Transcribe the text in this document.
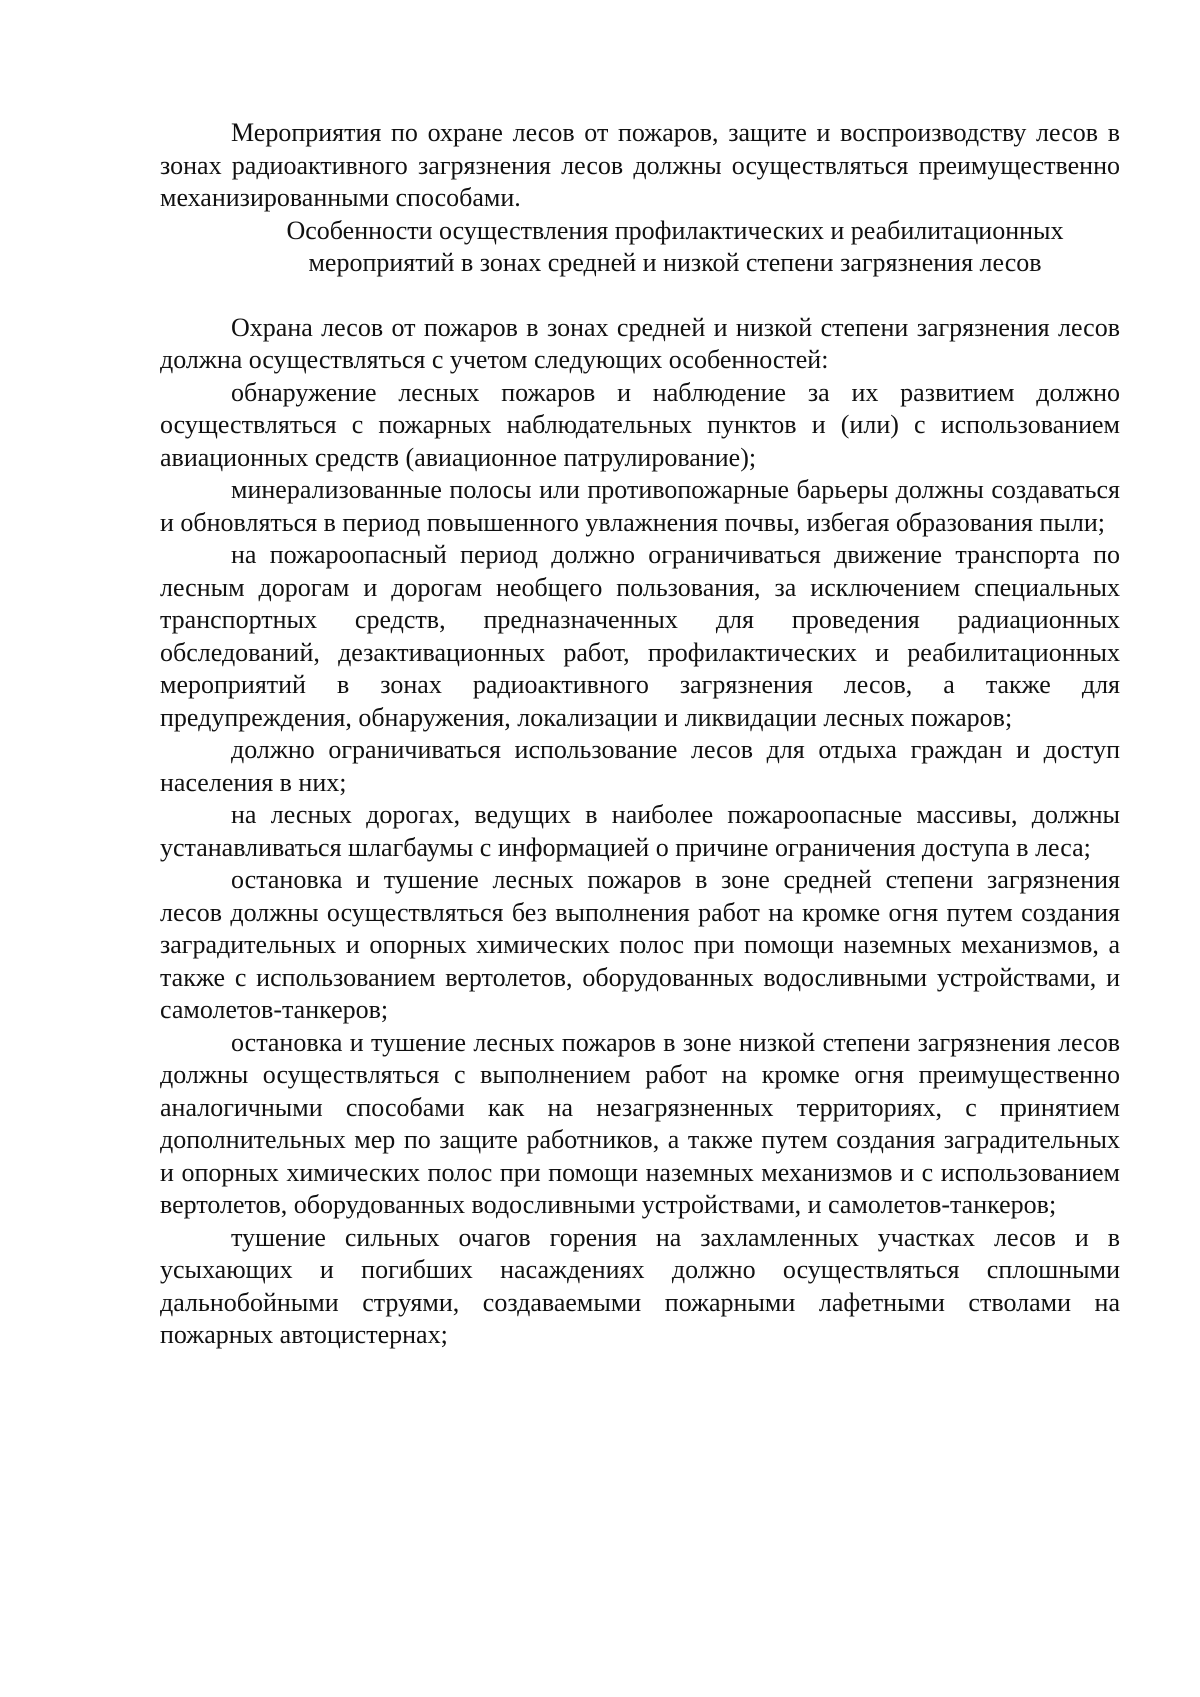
Мероприятия по охране лесов от пожаров, защите и воспроизводству лесов в зонах радиоактивного загрязнения лесов должны осуществляться преимущественно механизированными способами.

Особенности осуществления профилактических и реабилитационных
мероприятий в зонах средней и низкой степени загрязнения лесов

Охрана лесов от пожаров в зонах средней и низкой степени загрязнения лесов должна осуществляться с учетом следующих особенностей:

обнаружение лесных пожаров и наблюдение за их развитием должно осуществляться с пожарных наблюдательных пунктов и (или) с использованием авиационных средств (авиационное патрулирование);

минерализованные полосы или противопожарные барьеры должны создаваться и обновляться в период повышенного увлажнения почвы, избегая образования пыли;

на пожароопасный период должно ограничиваться движение транспорта по лесным дорогам и дорогам необщего пользования, за исключением специальных транспортных средств, предназначенных для проведения радиационных обследований, дезактивационных работ, профилактических и реабилитационных мероприятий в зонах радиоактивного загрязнения лесов, а также для предупреждения, обнаружения, локализации и ликвидации лесных пожаров;

должно ограничиваться использование лесов для отдыха граждан и доступ населения в них;

на лесных дорогах, ведущих в наиболее пожароопасные массивы, должны устанавливаться шлагбаумы с информацией о причине ограничения доступа в леса;

остановка и тушение лесных пожаров в зоне средней степени загрязнения лесов должны осуществляться без выполнения работ на кромке огня путем создания заградительных и опорных химических полос при помощи наземных механизмов, а также с использованием вертолетов, оборудованных водосливными устройствами, и самолетов-танкеров;

остановка и тушение лесных пожаров в зоне низкой степени загрязнения лесов должны осуществляться с выполнением работ на кромке огня преимущественно аналогичными способами как на незагрязненных территориях, с принятием дополнительных мер по защите работников, а также путем создания заградительных и опорных химических полос при помощи наземных механизмов и с использованием вертолетов, оборудованных водосливными устройствами, и самолетов-танкеров;

тушение сильных очагов горения на захламленных участках лесов и в усыхающих и погибших насаждениях должно осуществляться сплошными дальнобойными струями, создаваемыми пожарными лафетными стволами на пожарных автоцистернах;
